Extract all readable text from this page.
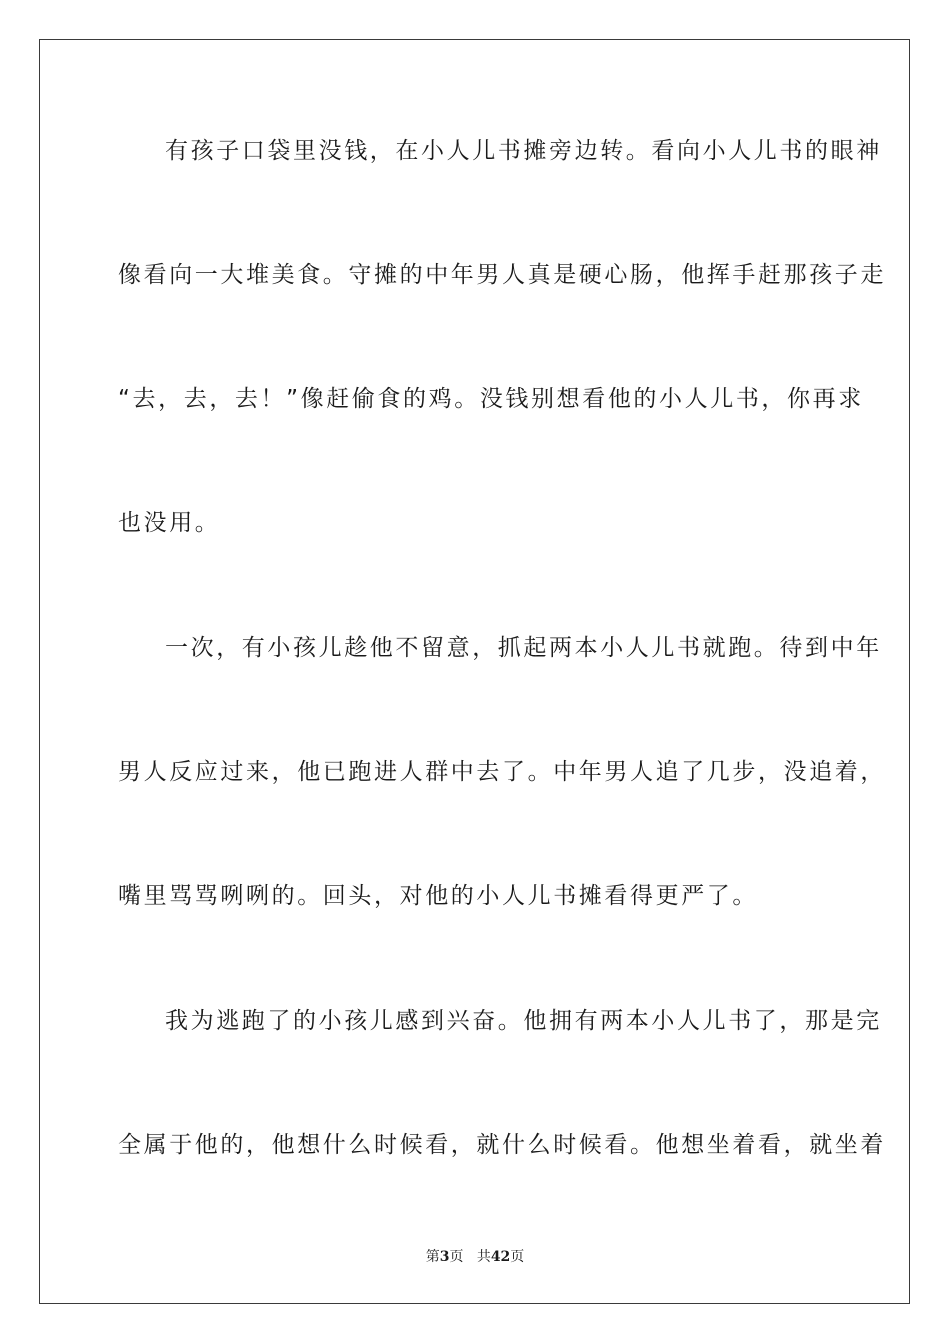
有孩子口袋里没钱，在小人儿书摊旁边转。看向小人儿书的眼神
像看向一大堆美食。守摊的中年男人真是硬心肠，他挥手赶那孩子走
“去，去，去！”像赶偷食的鸡。没钱别想看他的小人儿书，你再求
也没用。
一次，有小孩儿趁他不留意，抓起两本小人儿书就跑。待到中年
男人反应过来，他已跑进人群中去了。中年男人追了几步，没追着，
嘴里骂骂咧咧的。回头，对他的小人儿书摊看得更严了。
我为逃跑了的小孩儿感到兴奋。他拥有两本小人儿书了，那是完
全属于他的，他想什么时候看，就什么时候看。他想坐着看，就坐着
第3页 共42页
